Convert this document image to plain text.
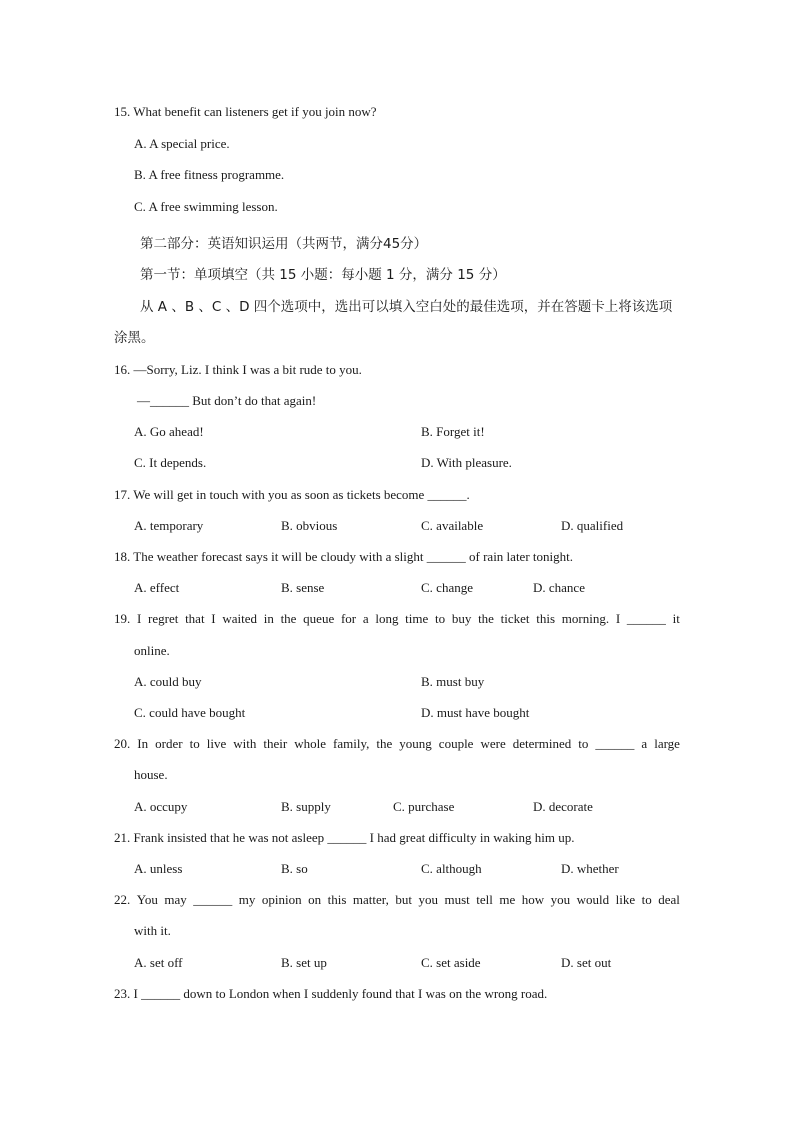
15. What benefit can listeners get if you join now?
A. A special price.
B. A free fitness programme.
C. A free swimming lesson.
第二部分：英语知识运用（共两节，满分45分）
第一节：单项填空（共 15 小题：每小题 1 分，满分 15 分）
从 A 、B 、C 、D 四个选项中，选出可以填入空白处的最佳选项，并在答题卡上将该选项
涂黑。
16. —Sorry, Liz. I think I was a bit rude to you.
—______ But don’t do that again!
A. Go ahead!	B. Forget it!
C. It depends.	D. With pleasure.
17. We will get in touch with you as soon as tickets become ______.
A. temporary	B. obvious	C. available	D. qualified
18. The weather forecast says it will be cloudy with a slight ______ of rain later tonight.
A. effect	B. sense	C. change	D. chance
19. I regret that I waited in the queue for a long time to buy the ticket this morning. I ______ it
online.
A. could buy	B. must buy
C. could have bought	D. must have bought
20. In order to live with their whole family, the young couple were determined to ______ a large
house.
A. occupy	B. supply	C. purchase	D. decorate
21. Frank insisted that he was not asleep ______ I had great difficulty in waking him up.
A. unless	B. so	C. although	D. whether
22. You may ______ my opinion on this matter, but you must tell me how you would like to deal
with it.
A. set off	B. set up	C. set aside	D. set out
23. I ______ down to London when I suddenly found that I was on the wrong road.
